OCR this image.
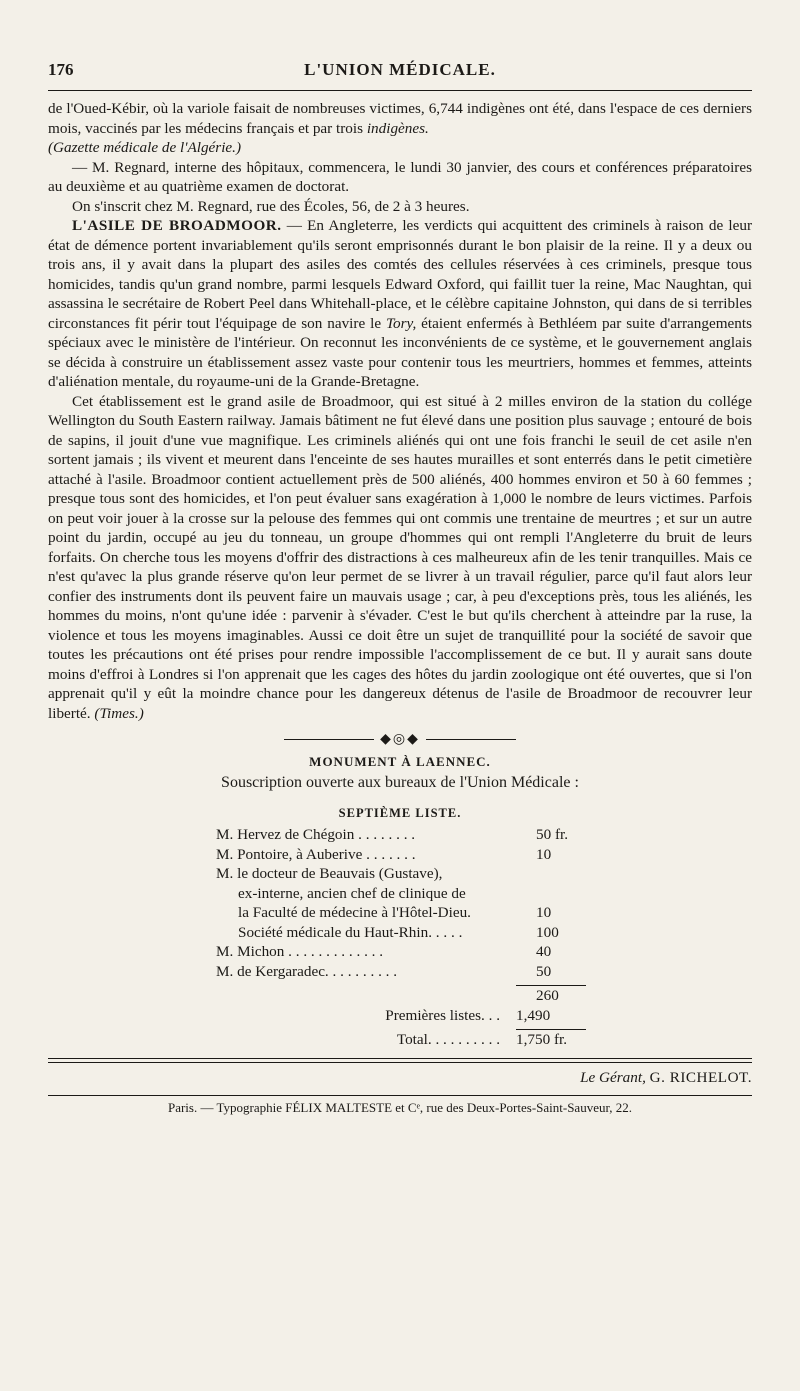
176	L'UNION MÉDICALE.

de l'Oued-Kébir, où la variole faisait de nombreuses victimes, 6,744 indigènes ont été, dans l'espace de ces derniers mois, vaccinés par les médecins français et par trois indigènes.
(Gazette médicale de l'Algérie.)

— M. Regnard, interne des hôpitaux, commencera, le lundi 30 janvier, des cours et conférences préparatoires au deuxième et au quatrième examen de doctorat.

On s'inscrit chez M. Regnard, rue des Écoles, 56, de 2 à 3 heures.

L'ASILE DE BROADMOOR. — En Angleterre, les verdicts qui acquittent des criminels à raison de leur état de démence portent invariablement qu'ils seront emprisonnés durant le bon plaisir de la reine. Il y a deux ou trois ans, il y avait dans la plupart des asiles des comtés des cellules réservées à ces criminels, presque tous homicides, tandis qu'un grand nombre, parmi lesquels Edward Oxford, qui faillit tuer la reine, Mac Naughtan, qui assassina le secrétaire de Robert Peel dans Whitehall-place, et le célèbre capitaine Johnston, qui dans de si terribles circonstances fit périr tout l'équipage de son navire le Tory, étaient enfermés à Bethléem par suite d'arrangements spéciaux avec le ministère de l'intérieur. On reconnut les inconvénients de ce système, et le gouvernement anglais se décida à construire un établissement assez vaste pour contenir tous les meurtriers, hommes et femmes, atteints d'aliénation mentale, du royaume-uni de la Grande-Bretagne.

Cet établissement est le grand asile de Broadmoor, qui est situé à 2 milles environ de la station du collége Wellington du South Eastern railway. Jamais bâtiment ne fut élevé dans une position plus sauvage ; entouré de bois de sapins, il jouit d'une vue magnifique. Les criminels aliénés qui ont une fois franchi le seuil de cet asile n'en sortent jamais ; ils vivent et meurent dans l'enceinte de ses hautes murailles et sont enterrés dans le petit cimetière attaché à l'asile. Broadmoor contient actuellement près de 500 aliénés, 400 hommes environ et 50 à 60 femmes ; presque tous sont des homicides, et l'on peut évaluer sans exagération à 1,000 le nombre de leurs victimes. Parfois on peut voir jouer à la crosse sur la pelouse des femmes qui ont commis une trentaine de meurtres ; et sur un autre point du jardin, occupé au jeu du tonneau, un groupe d'hommes qui ont rempli l'Angleterre du bruit de leurs forfaits. On cherche tous les moyens d'offrir des distractions à ces malheureux afin de les tenir tranquilles. Mais ce n'est qu'avec la plus grande réserve qu'on leur permet de se livrer à un travail régulier, parce qu'il faut alors leur confier des instruments dont ils peuvent faire un mauvais usage ; car, à peu d'exceptions près, tous les aliénés, les hommes du moins, n'ont qu'une idée : parvenir à s'évader. C'est le but qu'ils cherchent à atteindre par la ruse, la violence et tous les moyens imaginables. Aussi ce doit être un sujet de tranquillité pour la société de savoir que toutes les précautions ont été prises pour rendre impossible l'accomplissement de ce but. Il y aurait sans doute moins d'effroi à Londres si l'on apprenait que les cages des hôtes du jardin zoologique ont été ouvertes, que si l'on apprenait qu'il y eût la moindre chance pour les dangereux détenus de l'asile de Broadmoor de recouvrer leur liberté. (Times.)

◆◎◆
MONUMENT À LAENNEC.
Souscription ouverte aux bureaux de l'Union Médicale :
SEPTIÈME LISTE.
M. Hervez de Chégoin . . . . . . . .	50 fr.
M. Pontoire, à Auberive . . . . . . .	10
M. le docteur de Beauvais (Gustave),
ex-interne, ancien chef de clinique de
la Faculté de médecine à l'Hôtel-Dieu.	10
Société médicale du Haut-Rhin. . . . .	100
M. Michon . . . . . . . . . . . . .	40
M. de Kergaradec. . . . . . . . . .	50
260
Premières listes. . .	1,490
Total. . . . . . . . . .	1,750 fr.
Le Gérant, G. RICHELOT.
Paris. — Typographie FÉLIX MALTESTE et Cᵉ, rue des Deux-Portes-Saint-Sauveur, 22.
